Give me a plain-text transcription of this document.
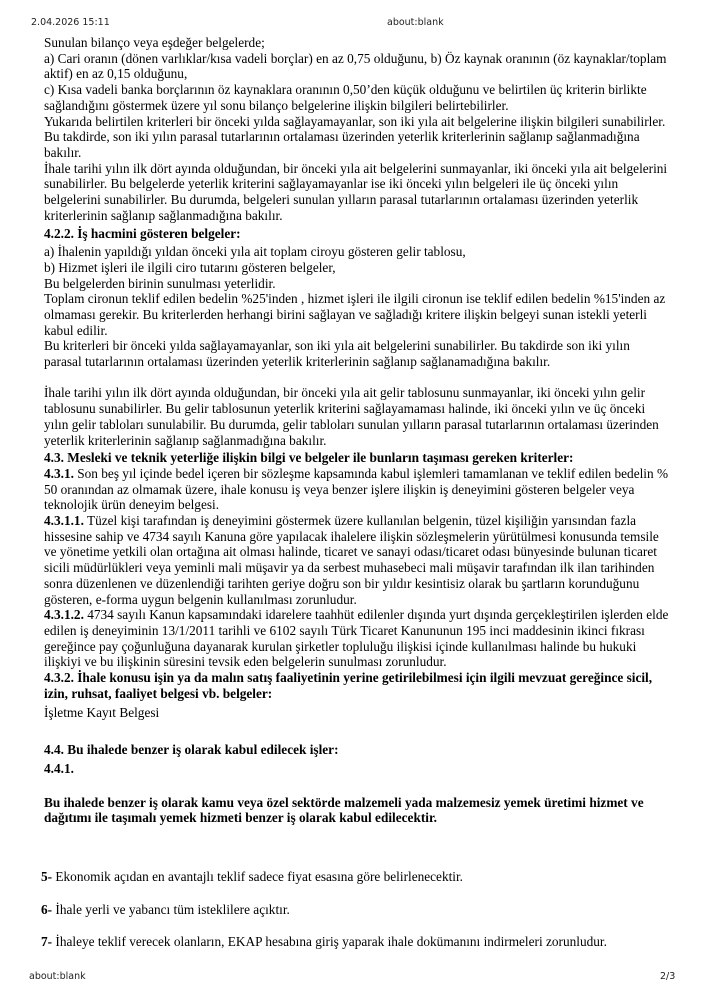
2.04.2026 15:11	about:blank

Sunulan bilanço veya eşdeğer belgelerde;

a) Cari oranın (dönen varlıklar/kısa vadeli borçlar) en az 0,75 olduğunu, b) Öz kaynak oranının (öz kaynaklar/toplam aktif) en az 0,15 olduğunu,

c) Kısa vadeli banka borçlarının öz kaynaklara oranının 0,50’den küçük olduğunu ve belirtilen üç kriterin birlikte sağlandığını göstermek üzere yıl sonu bilanço belgelerine ilişkin bilgileri belirtebilirler.

Yukarıda belirtilen kriterleri bir önceki yılda sağlayamayanlar, son iki yıla ait belgelerine ilişkin bilgileri sunabilirler. Bu takdirde, son iki yılın parasal tutarlarının ortalaması üzerinden yeterlik kriterlerinin sağlanıp sağlanmadığına bakılır.

İhale tarihi yılın ilk dört ayında olduğundan, bir önceki yıla ait belgelerini sunmayanlar, iki önceki yıla ait belgelerini sunabilirler. Bu belgelerde yeterlik kriterini sağlayamayanlar ise iki önceki yılın belgeleri ile üç önceki yılın belgelerini sunabilirler. Bu durumda, belgeleri sunulan yılların parasal tutarlarının ortalaması üzerinden yeterlik kriterlerinin sağlanıp sağlanmadığına bakılır.

4.2.2. İş hacmini gösteren belgeler:

a) İhalenin yapıldığı yıldan önceki yıla ait toplam ciroyu gösteren gelir tablosu,

b) Hizmet işleri ile ilgili ciro tutarını gösteren belgeler,

Bu belgelerden birinin sunulması yeterlidir.

Toplam cironun teklif edilen bedelin %25'inden , hizmet işleri ile ilgili cironun ise teklif edilen bedelin %15'inden az olmaması gerekir. Bu kriterlerden herhangi birini sağlayan ve sağladığı kritere ilişkin belgeyi sunan istekli yeterli kabul edilir.

Bu kriterleri bir önceki yılda sağlayamayanlar, son iki yıla ait belgelerini sunabilirler. Bu takdirde son iki yılın parasal tutarlarının ortalaması üzerinden yeterlik kriterlerinin sağlanıp sağlanamadığına bakılır.

İhale tarihi yılın ilk dört ayında olduğundan, bir önceki yıla ait gelir tablosunu sunmayanlar, iki önceki yılın gelir tablosunu sunabilirler. Bu gelir tablosunun yeterlik kriterini sağlayamaması halinde, iki önceki yılın ve üç önceki yılın gelir tabloları sunulabilir. Bu durumda, gelir tabloları sunulan yılların parasal tutarlarının ortalaması üzerinden yeterlik kriterlerinin sağlanıp sağlanmadığına bakılır.

4.3. Mesleki ve teknik yeterliğe ilişkin bilgi ve belgeler ile bunların taşıması gereken kriterler:

4.3.1. Son beş yıl içinde bedel içeren bir sözleşme kapsamında kabul işlemleri tamamlanan ve teklif edilen bedelin % 50 oranından az olmamak üzere, ihale konusu iş veya benzer işlere ilişkin iş deneyimini gösteren belgeler veya teknolojik ürün deneyim belgesi.

4.3.1.1. Tüzel kişi tarafından iş deneyimini göstermek üzere kullanılan belgenin, tüzel kişiliğin yarısından fazla hissesine sahip ve 4734 sayılı Kanuna göre yapılacak ihalelere ilişkin sözleşmelerin yürütülmesi konusunda temsile ve yönetime yetkili olan ortağına ait olması halinde, ticaret ve sanayi odası/ticaret odası bünyesinde bulunan ticaret sicili müdürlükleri veya yeminli mali müşavir ya da serbest muhasebeci mali müşavir tarafından ilk ilan tarihinden sonra düzenlenen ve düzenlendiği tarihten geriye doğru son bir yıldır kesintisiz olarak bu şartların korunduğunu gösteren, e-forma uygun belgenin kullanılması zorunludur.

4.3.1.2. 4734 sayılı Kanun kapsamındaki idarelere taahhüt edilenler dışında yurt dışında gerçekleştirilen işlerden elde edilen iş deneyiminin 13/1/2011 tarihli ve 6102 sayılı Türk Ticaret Kanununun 195 inci maddesinin ikinci fıkrası gereğince pay çoğunluğuna dayanarak kurulan şirketler topluluğu ilişkisi içinde kullanılması halinde bu hukuki ilişkiyi ve bu ilişkinin süresini tevsik eden belgelerin sunulması zorunludur.

4.3.2. İhale konusu işin ya da malın satış faaliyetinin yerine getirilebilmesi için ilgili mevzuat gereğince sicil, izin, ruhsat, faaliyet belgesi vb. belgeler:

İşletme Kayıt Belgesi

4.4. Bu ihalede benzer iş olarak kabul edilecek işler:

4.4.1.

Bu ihalede benzer iş olarak kamu veya özel sektörde malzemeli yada malzemesiz yemek üretimi hizmet ve dağıtımı ile taşımalı yemek hizmeti benzer iş olarak kabul edilecektir.

5- Ekonomik açıdan en avantajlı teklif sadece fiyat esasına göre belirlenecektir.
6- İhale yerli ve yabancı tüm isteklilere açıktır.
7- İhaleye teklif verecek olanların, EKAP hesabına giriş yaparak ihale dokümanını indirmeleri zorunludur.
about:blank	2/3
